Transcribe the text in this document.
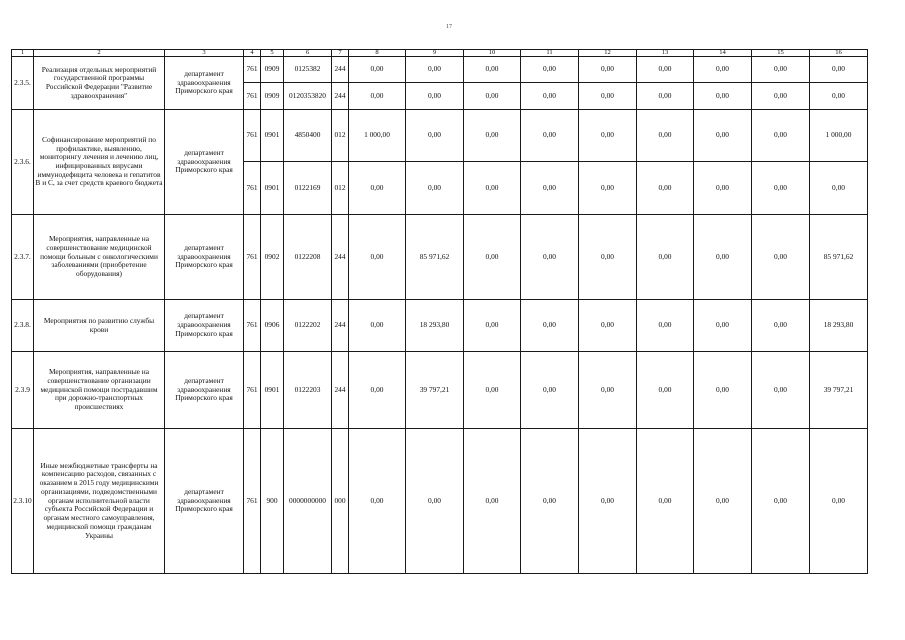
17
1	2	3	4	5	6	7	8	9	10	11	12	13	14	15	16
2.3.5.	Реализация отдельных мероприятий государственной программы Российской Федерации "Развитие здравоохранения"	департамент здравоохранения Приморского края	761	0909	0125382	244	0,00	0,00	0,00	0,00	0,00	0,00	0,00	0,00	0,00
			761	0909	0120353820	244	0,00	0,00	0,00	0,00	0,00	0,00	0,00	0,00	0,00
2.3.6.	Софинансирование мероприятий по профилактике, выявлению, мониторингу лечения и лечению лиц, инфицированных вирусами иммунодефицита человека и гепатитов В и С, за счет средств краевого бюджета	департамент здравоохранения Приморского края	761	0901	4850400	012	1 000,00	0,00	0,00	0,00	0,00	0,00	0,00	0,00	1 000,00
			761	0901	0122169	012	0,00	0,00	0,00	0,00	0,00	0,00	0,00	0,00	0,00
2.3.7.	Мероприятия, направленные на совершенствование медицинской помощи больным с онкологическими заболеваниями (приобретение оборудования)	департамент здравоохранения Приморского края	761	0902	0122208	244	0,00	85 971,62	0,00	0,00	0,00	0,00	0,00	0,00	85 971,62
2.3.8.	Мероприятия по развитию службы крови	департамент здравоохранения Приморского края	761	0906	0122202	244	0,00	18 293,80	0,00	0,00	0,00	0,00	0,00	0,00	18 293,80
2.3.9	Мероприятия, направленные на совершенствование организации медицинской помощи пострадавшим при дорожно-транспортных происшествиях	департамент здравоохранения Приморского края	761	0901	0122203	244	0,00	39 797,21	0,00	0,00	0,00	0,00	0,00	0,00	39 797,21
2.3.10	Иные межбюджетные трансферты на компенсацию расходов, связанных с оказанием в 2015 году медицинскими организациями, подведомственными органам исполнительной власти субъекта Российской Федерации и органам местного самоуправления, медицинской помощи гражданам Украины	департамент здравоохранения Приморского края	761	900	0000000000	000	0,00	0,00	0,00	0,00	0,00	0,00	0,00	0,00	0,00
